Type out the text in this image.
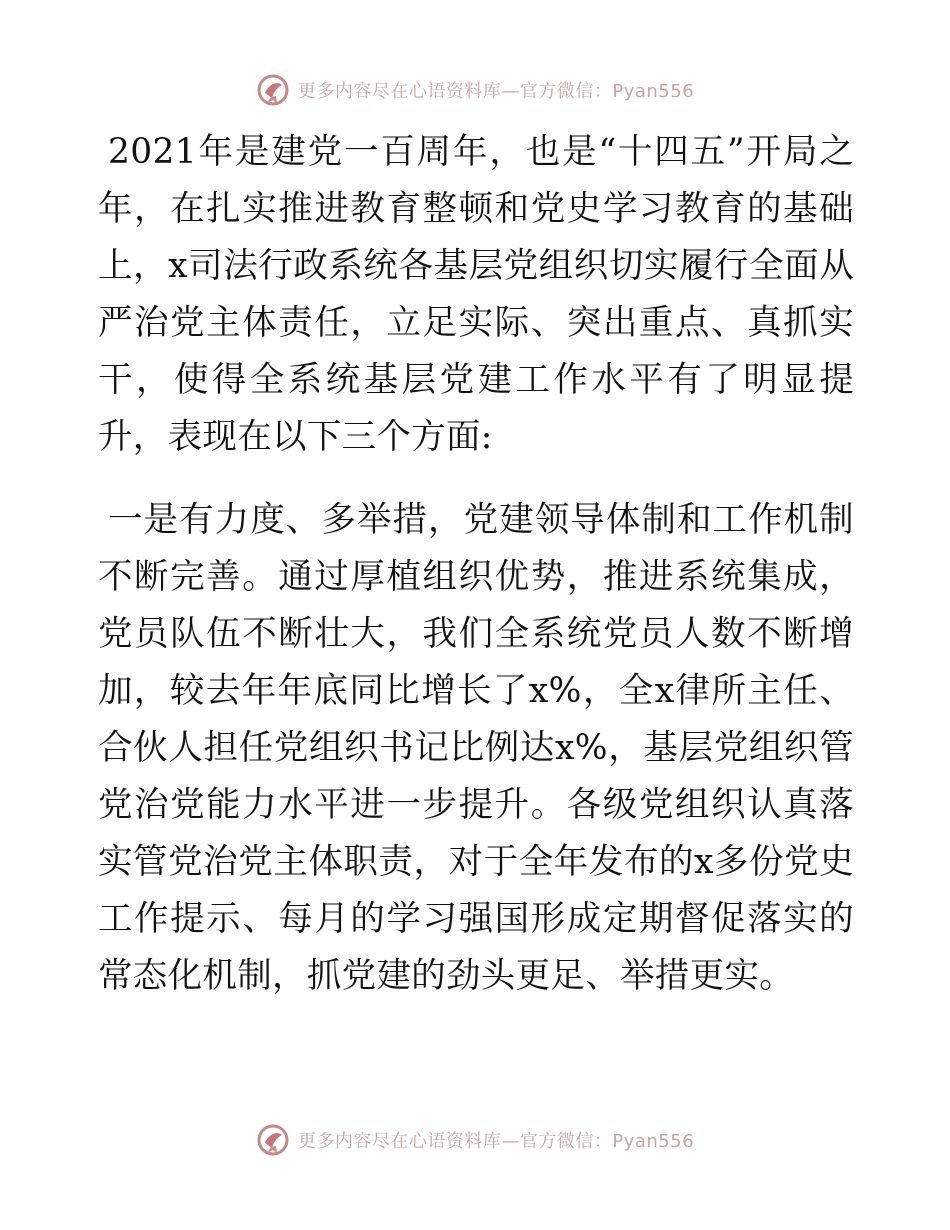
更多内容尽在心语资料库—官方微信：Pyan556

2021年是建党一百周年，也是“十四五”开局之年，在扎实推进教育整顿和党史学习教育的基础上，x司法行政系统各基层党组织切实履行全面从严治党主体责任，立足实际、突出重点、真抓实干，使得全系统基层党建工作水平有了明显提升，表现在以下三个方面:

一是有力度、多举措，党建领导体制和工作机制不断完善。通过厚植组织优势，推进系统集成，党员队伍不断壮大，我们全系统党员人数不断增加，较去年年底同比增长了x%，全x律所主任、合伙人担任党组织书记比例达x%，基层党组织管党治党能力水平进一步提升。各级党组织认真落实管党治党主体职责，对于全年发布的x多份党史工作提示、每月的学习强国形成定期督促落实的常态化机制，抓党建的劲头更足、举措更实。

更多内容尽在心语资料库—官方微信：Pyan556
